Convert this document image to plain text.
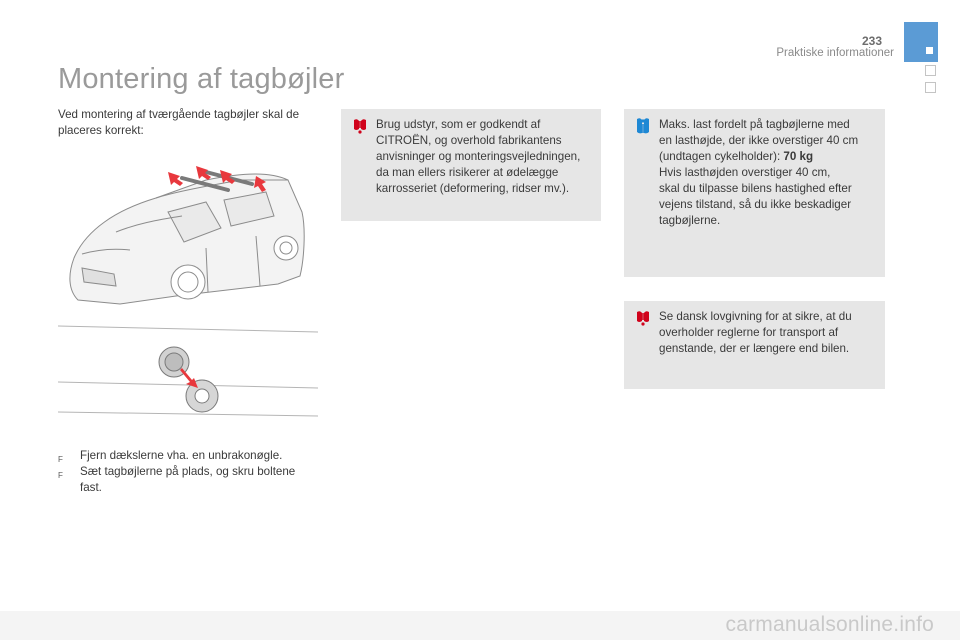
233
Praktiske informationer
Montering af tagbøjler
Ved montering af tværgående tagbøjler skal de
placeres korrekt:
F Fjern dækslerne vha. en unbrakonøgle.
F Sæt tagbøjlerne på plads, og skru boltene
fast.
Brug udstyr, som er godkendt af
CITROËN, og overhold fabrikantens
anvisninger og monteringsvejledningen,
da man ellers risikerer at ødelægge
karrosseriet (deformering, ridser mv.).
Maks. last fordelt på tagbøjlerne med
en lasthøjde, der ikke overstiger 40 cm
(undtagen cykelholder): 70 kg
Hvis lasthøjden overstiger 40 cm,
skal du tilpasse bilens hastighed efter
vejens tilstand, så du ikke beskadiger
tagbøjlerne.
Se dansk lovgivning for at sikre, at du
overholder reglerne for transport af
genstande, der er længere end bilen.
carmanualsonline.info
